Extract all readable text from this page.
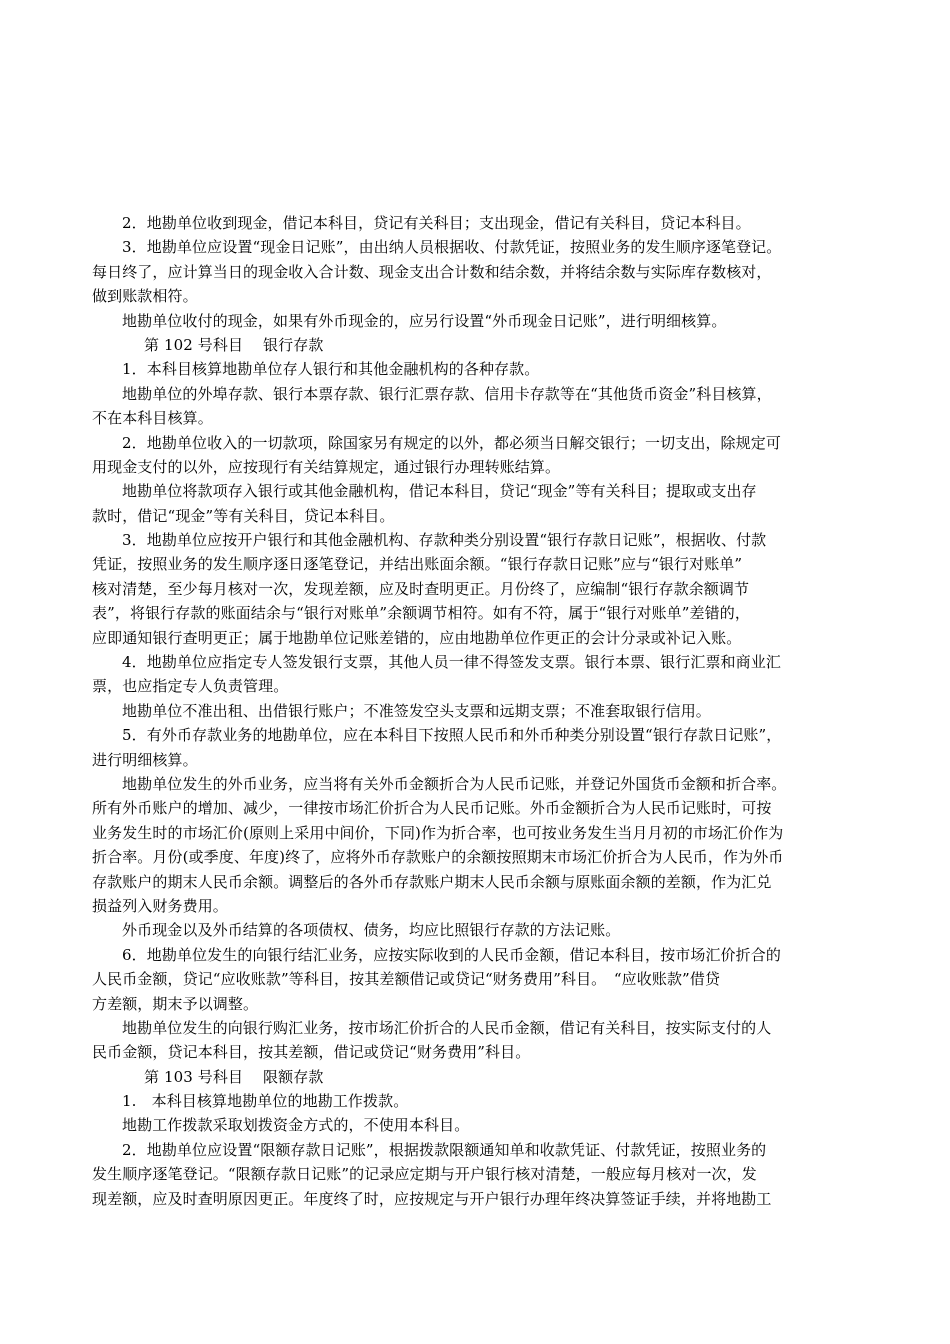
2．地勘单位收到现金，借记本科目，贷记有关科目；支出现金，借记有关科目，贷记本科目。
3．地勘单位应设置“现金日记账”，由出纳人员根据收、付款凭证，按照业务的发生顺序逐笔登记。
每日终了，应计算当日的现金收入合计数、现金支出合计数和结余数，并将结余数与实际库存数核对，
做到账款相符。
地勘单位收付的现金，如果有外币现金的，应另行设置“外币现金日记账”，进行明细核算。
第 102 号科目　 银行存款
1．本科目核算地勘单位存人银行和其他金融机构的各种存款。
地勘单位的外埠存款、银行本票存款、银行汇票存款、信用卡存款等在“其他货币资金”科目核算，
不在本科目核算。
2．地勘单位收入的一切款项，除国家另有规定的以外，都必须当日解交银行；一切支出，除规定可
用现金支付的以外，应按现行有关结算规定，通过银行办理转账结算。
地勘单位将款项存入银行或其他金融机构，借记本科目，贷记“现金”等有关科目；提取或支出存
款时，借记“现金”等有关科目，贷记本科目。
3．地勘单位应按开户银行和其他金融机构、存款种类分别设置“银行存款日记账”，根据收、付款
凭证，按照业务的发生顺序逐日逐笔登记，并结出账面余额。“银行存款日记账”应与“银行对账单”
核对清楚，至少每月核对一次，发现差额，应及时查明更正。月份终了，应编制“银行存款余额调节
表”，将银行存款的账面结余与“银行对账单”余额调节相符。如有不符，属于“银行对账单”差错的，
应即通知银行查明更正；属于地勘单位记账差错的，应由地勘单位作更正的会计分录或补记入账。
4．地勘单位应指定专人签发银行支票，其他人员一律不得签发支票。银行本票、银行汇票和商业汇
票，也应指定专人负责管理。
地勘单位不准出租、出借银行账户；不准签发空头支票和远期支票；不准套取银行信用。
5．有外币存款业务的地勘单位，应在本科目下按照人民币和外币种类分别设置“银行存款日记账”，
进行明细核算。
地勘单位发生的外币业务，应当将有关外币金额折合为人民币记账，并登记外国货币金额和折合率。
所有外币账户的增加、减少，一律按市场汇价折合为人民币记账。外币金额折合为人民币记账时，可按
业务发生时的市场汇价(原则上采用中间价，下同)作为折合率，也可按业务发生当月月初的市场汇价作为
折合率。月份(或季度、年度)终了，应将外币存款账户的余额按照期末市场汇价折合为人民币，作为外币
存款账户的期末人民币余额。调整后的各外币存款账户期末人民币余额与原账面余额的差额，作为汇兑
损益列入财务费用。
外币现金以及外币结算的各项债权、债务，均应比照银行存款的方法记账。
6．地勘单位发生的向银行结汇业务，应按实际收到的人民币金额，借记本科目，按市场汇价折合的
人民币金额，贷记“应收账款”等科目，按其差额借记或贷记“财务费用”科目。　“应收账款”借贷
方差额，期末予以调整。
地勘单位发生的向银行购汇业务，按市场汇价折合的人民币金额，借记有关科目，按实际支付的人
民币金额，贷记本科目，按其差额，借记或贷记“财务费用”科目。
第 103 号科目　 限额存款
1.　本科目核算地勘单位的地勘工作拨款。
地勘工作拨款采取划拨资金方式的，不使用本科目。
2．地勘单位应设置“限额存款日记账”，根据拨款限额通知单和收款凭证、付款凭证，按照业务的
发生顺序逐笔登记。“限额存款日记账”的记录应定期与开户银行核对清楚，一般应每月核对一次，发
现差额，应及时查明原因更正。年度终了时，应按规定与开户银行办理年终决算签证手续，并将地勘工
